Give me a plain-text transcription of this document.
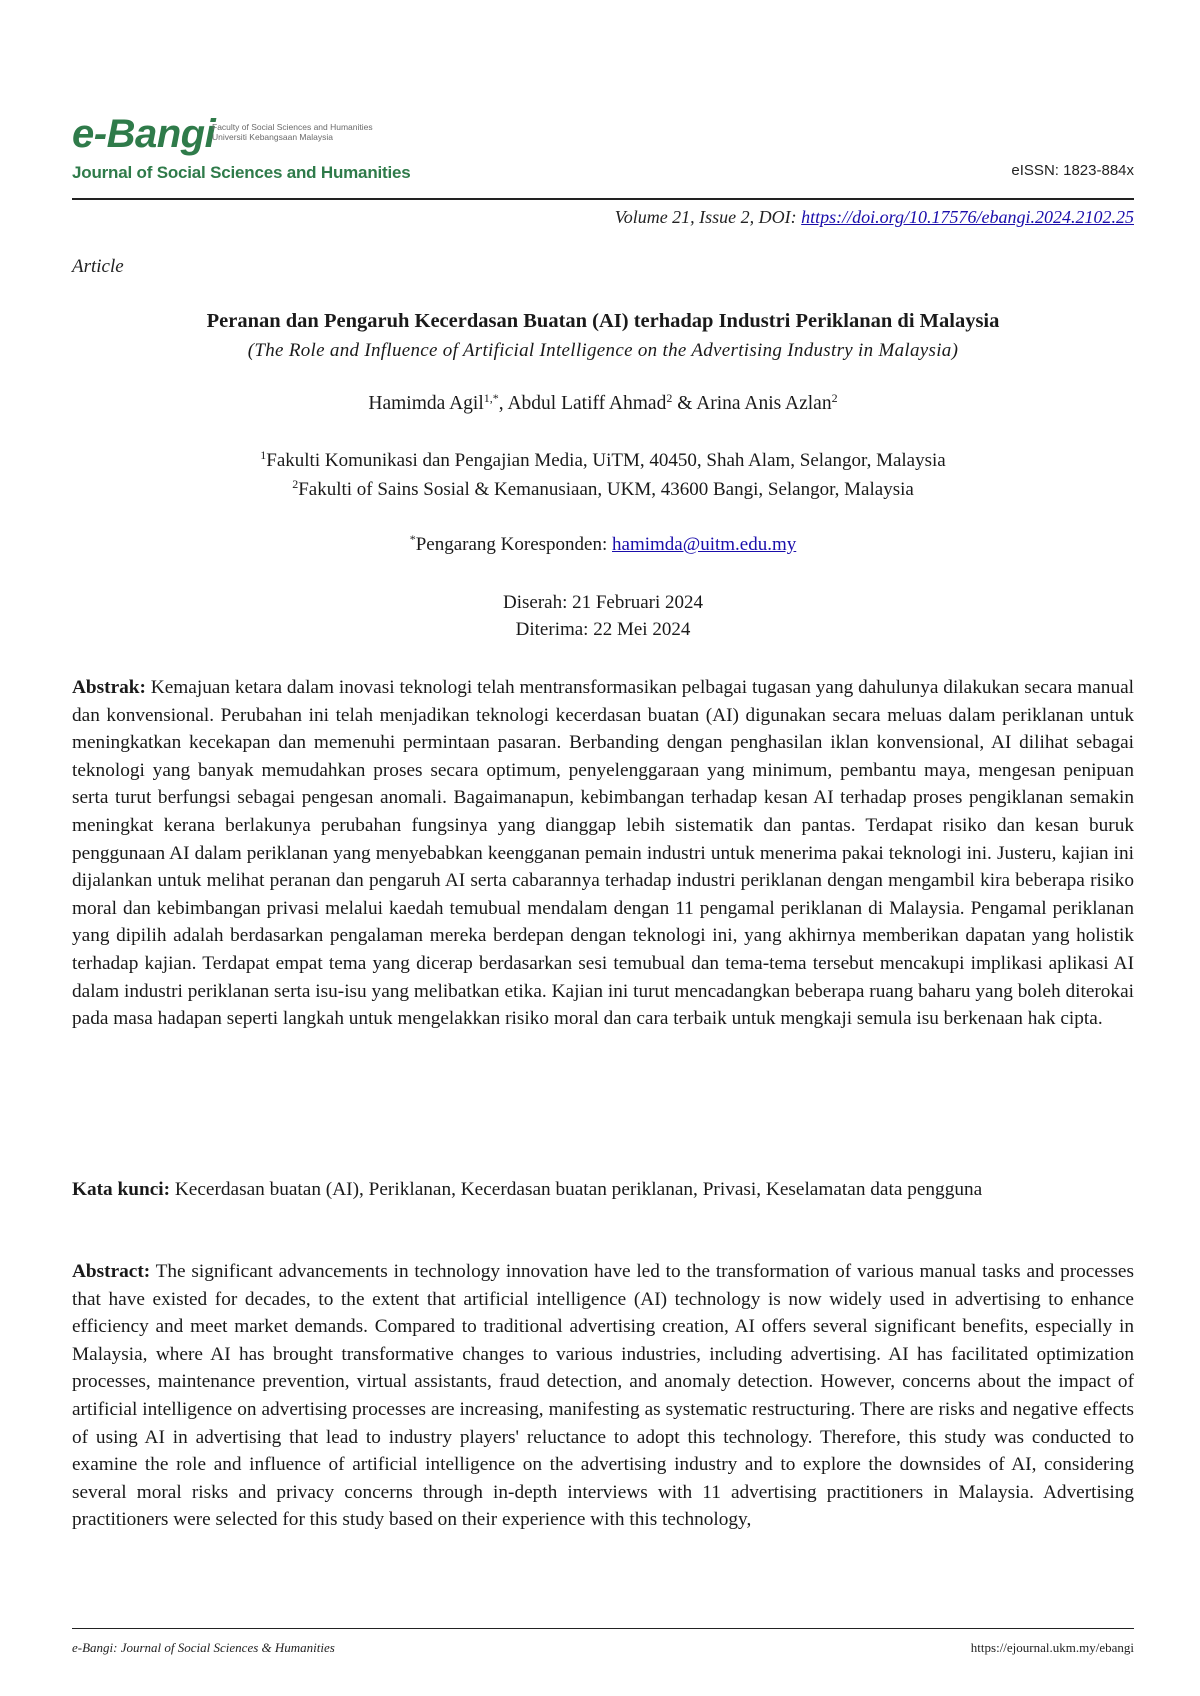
e-Bangi
Faculty of Social Sciences and Humanities
Universiti Kebangsaan Malaysia
Journal of Social Sciences and Humanities	eISSN: 1823-884x
Volume 21, Issue 2, DOI: https://doi.org/10.17576/ebangi.2024.2102.25
Article
Peranan dan Pengaruh Kecerdasan Buatan (AI) terhadap Industri Periklanan di Malaysia
(The Role and Influence of Artificial Intelligence on the Advertising Industry in Malaysia)
Hamimda Agil$^{1,*}$, Abdul Latiff Ahmad$^2$ & Arina Anis Azlan$^2$
$^1$Fakulti Komunikasi dan Pengajian Media, UiTM, 40450, Shah Alam, Selangor, Malaysia
$^2$Fakulti of Sains Sosial & Kemanusiaan, UKM, 43600 Bangi, Selangor, Malaysia
*Pengarang Koresponden: hamimda@uitm.edu.my
Diserah: 21 Februari 2024
Diterima: 22 Mei 2024
Abstrak: Kemajuan ketara dalam inovasi teknologi telah mentransformasikan pelbagai tugasan yang dahulunya dilakukan secara manual dan konvensional. Perubahan ini telah menjadikan teknologi kecerdasan buatan (AI) digunakan secara meluas dalam periklanan untuk meningkatkan kecekapan dan memenuhi permintaan pasaran. Berbanding dengan penghasilan iklan konvensional, AI dilihat sebagai teknologi yang banyak memudahkan proses secara optimum, penyelenggaraan yang minimum, pembantu maya, mengesan penipuan serta turut berfungsi sebagai pengesan anomali. Bagaimanapun, kebimbangan terhadap kesan AI terhadap proses pengiklanan semakin meningkat kerana berlakunya perubahan fungsinya yang dianggap lebih sistematik dan pantas. Terdapat risiko dan kesan buruk penggunaan AI dalam periklanan yang menyebabkan keengganan pemain industri untuk menerima pakai teknologi ini. Justeru, kajian ini dijalankan untuk melihat peranan dan pengaruh AI serta cabarannya terhadap industri periklanan dengan mengambil kira beberapa risiko moral dan kebimbangan privasi melalui kaedah temubual mendalam dengan 11 pengamal periklanan di Malaysia. Pengamal periklanan yang dipilih adalah berdasarkan pengalaman mereka berdepan dengan teknologi ini, yang akhirnya memberikan dapatan yang holistik terhadap kajian. Terdapat empat tema yang dicerap berdasarkan sesi temubual dan tema-tema tersebut mencakupi implikasi aplikasi AI dalam industri periklanan serta isu-isu yang melibatkan etika. Kajian ini turut mencadangkan beberapa ruang baharu yang boleh diterokai pada masa hadapan seperti langkah untuk mengelakkan risiko moral dan cara terbaik untuk mengkaji semula isu berkenaan hak cipta.
Kata kunci: Kecerdasan buatan (AI), Periklanan, Kecerdasan buatan periklanan, Privasi, Keselamatan data pengguna
Abstract: The significant advancements in technology innovation have led to the transformation of various manual tasks and processes that have existed for decades, to the extent that artificial intelligence (AI) technology is now widely used in advertising to enhance efficiency and meet market demands. Compared to traditional advertising creation, AI offers several significant benefits, especially in Malaysia, where AI has brought transformative changes to various industries, including advertising. AI has facilitated optimization processes, maintenance prevention, virtual assistants, fraud detection, and anomaly detection. However, concerns about the impact of artificial intelligence on advertising processes are increasing, manifesting as systematic restructuring. There are risks and negative effects of using AI in advertising that lead to industry players' reluctance to adopt this technology. Therefore, this study was conducted to examine the role and influence of artificial intelligence on the advertising industry and to explore the downsides of AI, considering several moral risks and privacy concerns through in-depth interviews with 11 advertising practitioners in Malaysia. Advertising practitioners were selected for this study based on their experience with this technology,
e-Bangi: Journal of Social Sciences & Humanities	https://ejournal.ukm.my/ebangi
